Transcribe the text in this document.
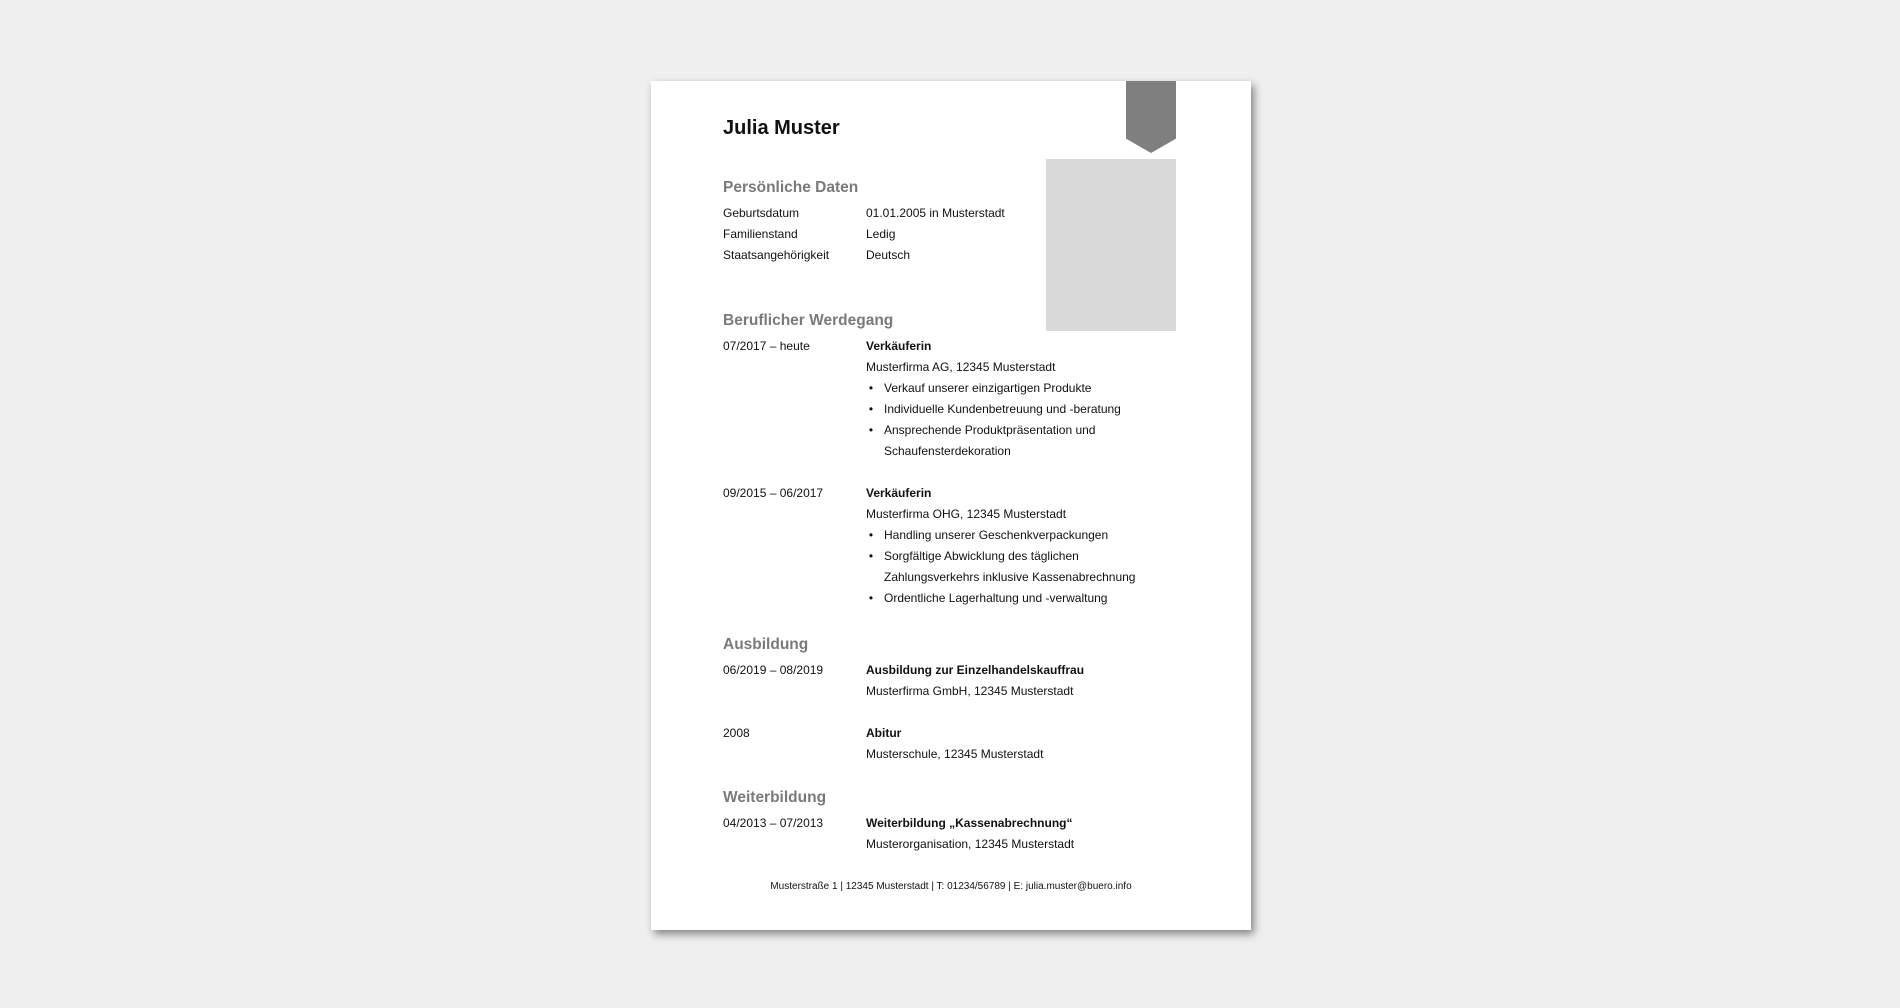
Julia Muster
Persönliche Daten
Geburtsdatum	01.01.2005 in Musterstadt
Familienstand	Ledig
Staatsangehörigkeit	Deutsch
Beruflicher Werdegang
07/2017 – heute	Verkäuferin
Musterfirma AG, 12345 Musterstadt
• Verkauf unserer einzigartigen Produkte
• Individuelle Kundenbetreuung und -beratung
• Ansprechende Produktpräsentation und Schaufensterdekoration
09/2015 – 06/2017	Verkäuferin
Musterfirma OHG, 12345 Musterstadt
• Handling unserer Geschenkverpackungen
• Sorgfältige Abwicklung des täglichen Zahlungsverkehrs inklusive Kassenabrechnung
• Ordentliche Lagerhaltung und -verwaltung
Ausbildung
06/2019 – 08/2019	Ausbildung zur Einzelhandelskauffrau
Musterfirma GmbH, 12345 Musterstadt
2008	Abitur
Musterschule, 12345 Musterstadt
Weiterbildung
04/2013 – 07/2013	Weiterbildung „Kassenabrechnung“
Musterorganisation, 12345 Musterstadt
Musterstraße 1 | 12345 Musterstadt | T: 01234/56789 | E: julia.muster@buero.info
